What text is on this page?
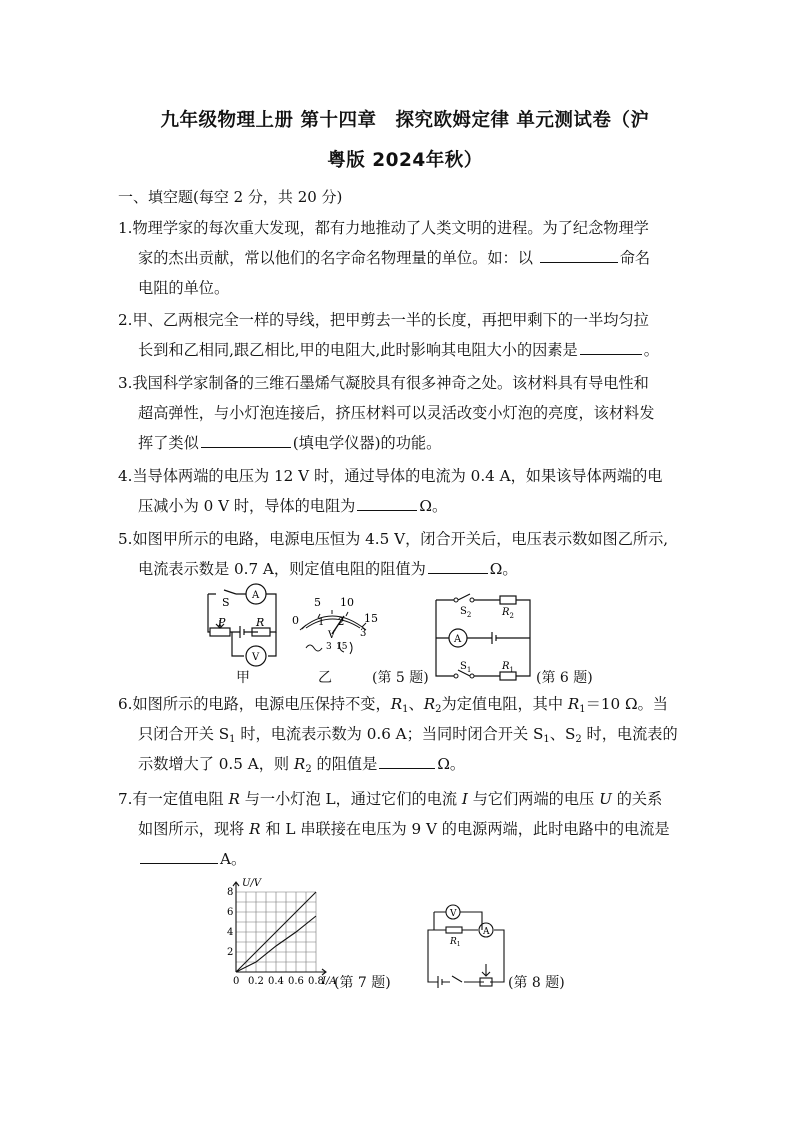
九年级物理上册 第十四章　探究欧姆定律 单元测试卷（沪
粤版 2024年秋）
一、填空题(每空 2 分，共 20 分)
1.物理学家的每次重大发现，都有力地推动了人类文明的进程。为了纪念物理学
家的杰出贡献，常以他们的名字命名物理量的单位。如：以	命名
电阻的单位。
2.甲、乙两根完全一样的导线，把甲剪去一半的长度，再把甲剩下的一半均匀拉
长到和乙相同,跟乙相比,甲的电阻大,此时影响其电阻大小的因素是	。
3.我国科学家制备的三维石墨烯气凝胶具有很多神奇之处。该材料具有导电性和
超高弹性，与小灯泡连接后，挤压材料可以灵活改变小灯泡的亮度，该材料发
挥了类似	(填电学仪器)的功能。
4.当导体两端的电压为 12 V 时，通过导体的电流为 0.4 A，如果该导体两端的电
压减小为 0 V 时，导体的电阻为	Ω。
5.如图甲所示的电路，电源电压恒为 4.5 V，闭合开关后，电压表示数如图乙所示,
电流表示数是 0.7 A，则定值电阻的阻值为	Ω。
S
A
P	R
V
甲
5 10
0	15
1 2
3
V
3 15
乙	(第 5 题)
$S_2$	$R_2$
A
$S_1$	$R_1$ (第 6 题)
6.如图所示的电路，电源电压保持不变，$R_1$、$R_2$为定值电阻，其中 $R_1=10$ Ω。当
只闭合开关 $S_1$ 时，电流表示数为 0.6 A；当同时闭合开关 $S_1$、$S_2$ 时，电流表的
示数增大了 0.5 A，则 $R_2$ 的阻值是	Ω。
7.有一定值电阻 R 与一小灯泡 L，通过它们的电流 I 与它们两端的电压 U 的关系
如图所示，现将 R 和 L 串联接在电压为 9 V 的电源两端，此时电路中的电流是
A。
8
6
4
2
0 0.2 0.4 0.6 0.8
U/V
I/A
(第 7 题)
V
A
$R_1$
(第 8 题)
